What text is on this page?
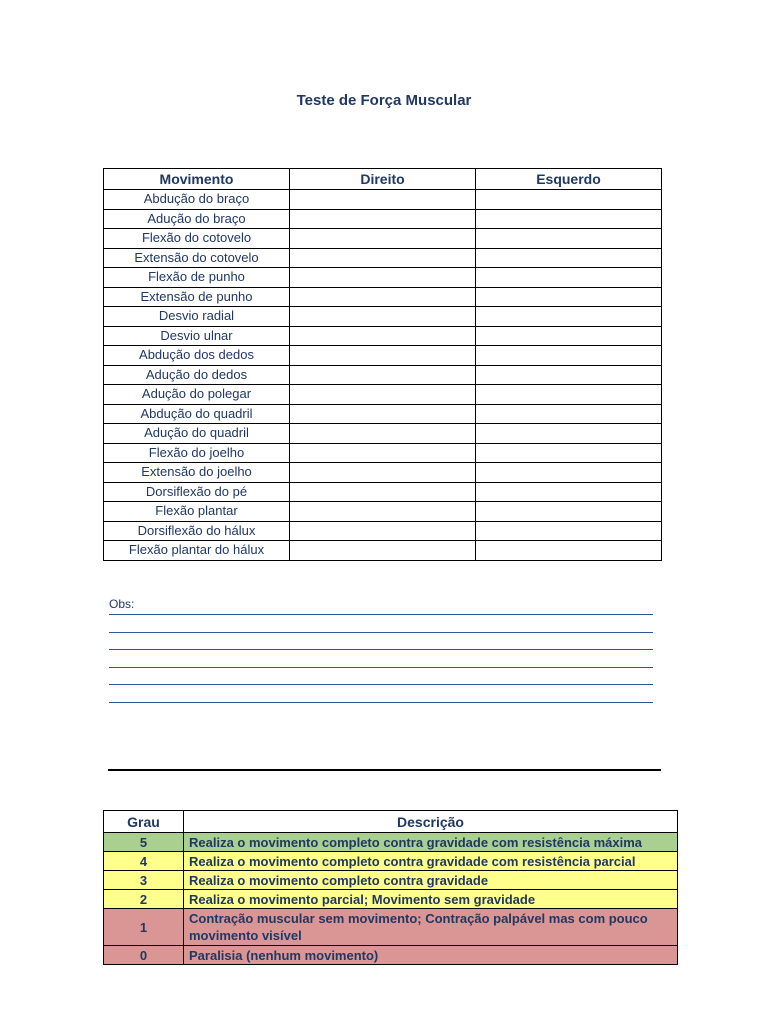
Teste de Força Muscular
Movimento	Direito	Esquerdo
Abdução do braço		
Adução do braço		
Flexão do cotovelo		
Extensão do cotovelo		
Flexão de punho		
Extensão de punho		
Desvio radial		
Desvio ulnar		
Abdução dos dedos		
Adução do dedos		
Adução do polegar		
Abdução do quadril		
Adução do quadril		
Flexão do joelho		
Extensão do joelho		
Dorsiflexão do pé		
Flexão plantar		
Dorsiflexão do hálux		
Flexão plantar do hálux		
Obs:
Grau	Descrição
5	Realiza o movimento completo contra gravidade com resistência máxima
4	Realiza o movimento completo contra gravidade com resistência parcial
3	Realiza o movimento completo contra gravidade
2	Realiza o movimento parcial; Movimento sem gravidade
1	Contração muscular sem movimento; Contração palpável mas com pouco movimento visível
0	Paralisia (nenhum movimento)
